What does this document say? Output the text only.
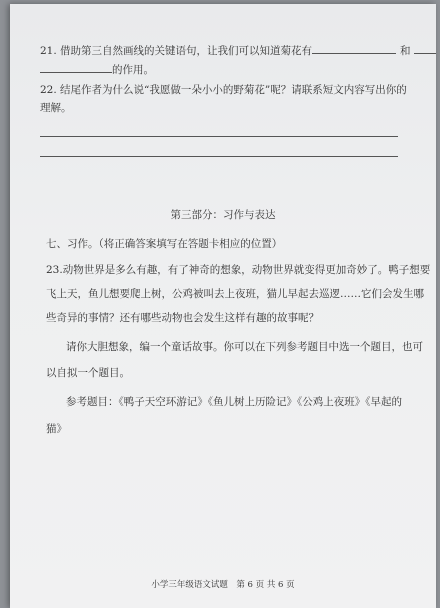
21. 借助第三自然画线的关键语句，让我们可以知道菊花有	和
的作用。
22. 结尾作者为什么说“我愿做一朵小小的野菊花”呢？请联系短文内容写出你的
理解。
第三部分：习作与表达
七、习作。（将正确答案填写在答题卡相应的位置）
23.动物世界是多么有趣，有了神奇的想象，动物世界就变得更加奇妙了。鸭子想要
飞上天，鱼儿想要爬上树，公鸡被叫去上夜班，猫儿早起去巡逻……它们会发生哪
些奇异的事情？还有哪些动物也会发生这样有趣的故事呢？
请你大胆想象，编一个童话故事。你可以在下列参考题目中选一个题目，也可
以自拟一个题目。
参考题目：《鸭子天空环游记》《鱼儿树上历险记》《公鸡上夜班》《早起的
猫》
小学三年级语文试题　第 6 页 共 6 页
